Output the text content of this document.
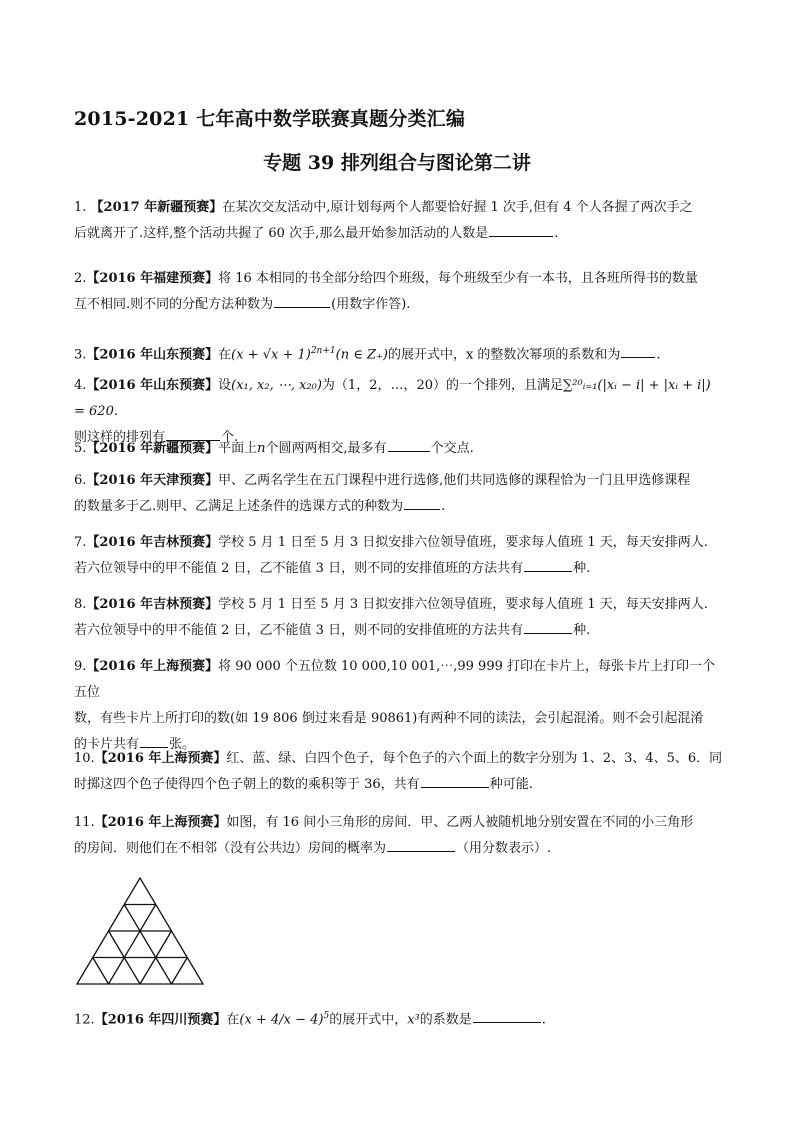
2015-2021 七年高中数学联赛真题分类汇编
专题 39 排列组合与图论第二讲
1. 【2017 年新疆预赛】在某次交友活动中,原计划每两个人都要恰好握 1 次手,但有 4 个人各握了两次手之
后就离开了.这样,整个活动共握了 60 次手,那么最开始参加活动的人数是	.
2.【2016 年福建预赛】将 16 本相同的书全部分给四个班级，每个班级至少有一本书，且各班所得书的数量
互不相同.则不同的分配方法种数为	(用数字作答).
3.【2016 年山东预赛】在$(x + √x + 1)^{2n+1}(n$ ∈ Z₊)的展开式中，x 的整数次幂项的系数和为	.
4.【2016 年山东预赛】设(x₁, x₂, ⋯, x₂₀)为（1，2，…，20）的一个排列，且满足∑²⁰ᵢ₌₁(|xᵢ − i| + |xᵢ + i|) = 620.
则这样的排列有	个.
5.【2016 年新疆预赛】平面上n个圆两两相交,最多有	个交点.
6.【2016 年天津预赛】甲、乙两名学生在五门课程中进行选修,他们共同选修的课程恰为一门且甲选修课程
的数量多于乙.则甲、乙满足上述条件的选课方式的种数为	.
7.【2016 年吉林预赛】学校 5 月 1 日至 5 月 3 日拟安排六位领导值班，要求每人值班 1 天，每天安排两人.
若六位领导中的甲不能值 2 日，乙不能值 3 日，则不同的安排值班的方法共有	种.
8.【2016 年吉林预赛】学校 5 月 1 日至 5 月 3 日拟安排六位领导值班，要求每人值班 1 天，每天安排两人.
若六位领导中的甲不能值 2 日，乙不能值 3 日，则不同的安排值班的方法共有	种.
9.【2016 年上海预赛】将 90 000 个五位数 10 000,10 001,⋯,99 999 打印在卡片上，每张卡片上打印一个五位
数，有些卡片上所打印的数(如 19 806 倒过来看是 90861)有两种不同的读法，会引起混淆。则不会引起混淆
的卡片共有 张。
10.【2016 年上海预赛】红、蓝、绿、白四个色子，每个色子的六个面上的数字分别为 1、2、3、4、5、6．同
时掷这四个色子使得四个色子朝上的数的乘积等于 36，共有	种可能.
11.【2016 年上海预赛】如图，有 16 间小三角形的房间．甲、乙两人被随机地分别安置在不同的小三角形
的房间．则他们在不相邻（没有公共边）房间的概率为	（用分数表示）.
12.【2016 年四川预赛】在$(x + 4/x - 4)^5$的展开式中，x³的系数是	.
